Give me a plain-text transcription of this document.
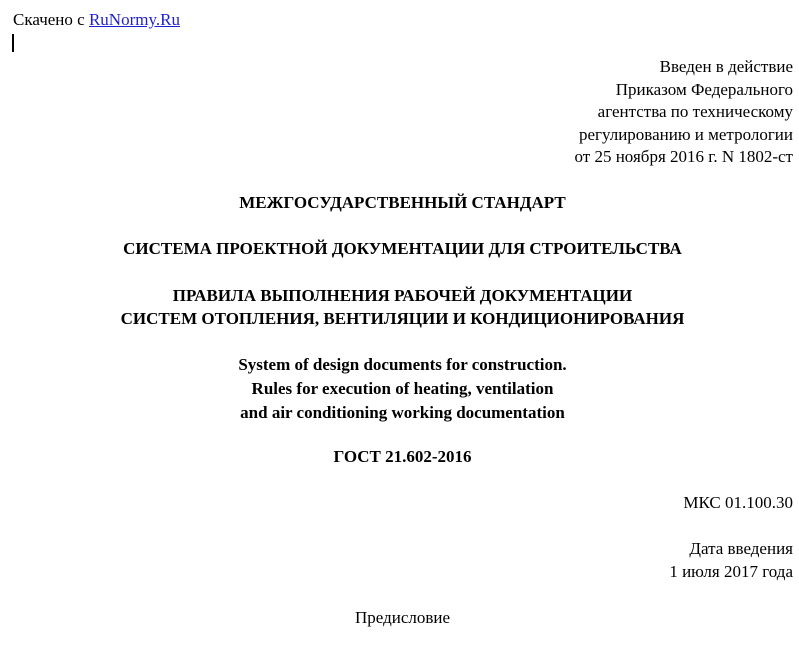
Скачено с RuNormy.Ru
Введен в действие
Приказом Федерального
агентства по техническому
регулированию и метрологии
от 25 ноября 2016 г. N 1802-ст
МЕЖГОСУДАРСТВЕННЫЙ СТАНДАРТ
СИСТЕМА ПРОЕКТНОЙ ДОКУМЕНТАЦИИ ДЛЯ СТРОИТЕЛЬСТВА
ПРАВИЛА ВЫПОЛНЕНИЯ РАБОЧЕЙ ДОКУМЕНТАЦИИ
СИСТЕМ ОТОПЛЕНИЯ, ВЕНТИЛЯЦИИ И КОНДИЦИОНИРОВАНИЯ
System of design documents for construction.
Rules for execution of heating, ventilation
and air conditioning working documentation
ГОСТ 21.602-2016
МКС 01.100.30
Дата введения
1 июля 2017 года
Предисловие
